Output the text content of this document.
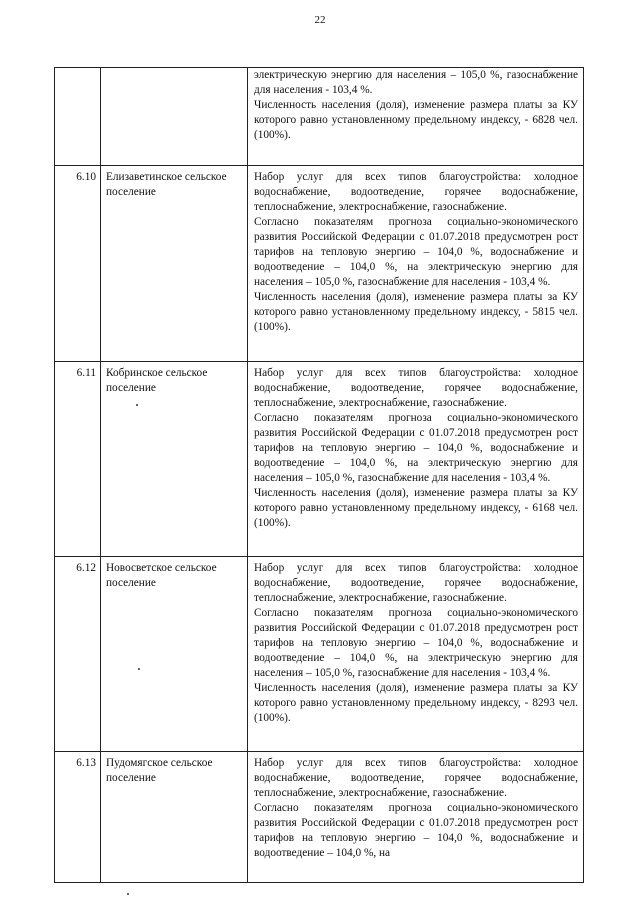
22

		электрическую энергию для населения – 105,0 %, газоснабжение для населения - 103,4 %.

Численность населения (доля), изменение размера платы за КУ которого равно установленному предельному индексу, - 6828 чел. (100%).

6.10	Елизаветинское сельское поселение	Набор услуг для всех типов благоустройства: холодное водоснабжение, водоотведение, горячее водоснабжение, теплоснабжение, электроснабжение, газоснабжение.

Согласно показателям прогноза социально-экономического развития Российской Федерации с 01.07.2018 предусмотрен рост тарифов на тепловую энергию – 104,0 %, водоснабжение и водоотведение – 104,0 %, на электрическую энергию для населения – 105,0 %, газоснабжение для населения - 103,4 %.

Численность населения (доля), изменение размера платы за КУ которого равно установленному предельному индексу, - 5815 чел. (100%).

6.11	Кобринское сельское поселение	Набор услуг для всех типов благоустройства: холодное водоснабжение, водоотведение, горячее водоснабжение, теплоснабжение, электроснабжение, газоснабжение.

Согласно показателям прогноза социально-экономического развития Российской Федерации с 01.07.2018 предусмотрен рост тарифов на тепловую энергию – 104,0 %, водоснабжение и водоотведение – 104,0 %, на электрическую энергию для населения – 105,0 %, газоснабжение для населения - 103,4 %.

Численность населения (доля), изменение размера платы за КУ которого равно установленному предельному индексу, - 6168 чел. (100%).

6.12	Новосветское сельское поселение	Набор услуг для всех типов благоустройства: холодное водоснабжение, водоотведение, горячее водоснабжение, теплоснабжение, электроснабжение, газоснабжение.

Согласно показателям прогноза социально-экономического развития Российской Федерации с 01.07.2018 предусмотрен рост тарифов на тепловую энергию – 104,0 %, водоснабжение и водоотведение – 104,0 %, на электрическую энергию для населения – 105,0 %, газоснабжение для населения - 103,4 %.

Численность населения (доля), изменение размера платы за КУ которого равно установленному предельному индексу, - 8293 чел. (100%).

6.13	Пудомягское сельское поселение	Набор услуг для всех типов благоустройства: холодное водоснабжение, водоотведение, горячее водоснабжение, теплоснабжение, электроснабжение, газоснабжение.

Согласно показателям прогноза социально-экономического развития Российской Федерации с 01.07.2018 предусмотрен рост тарифов на тепловую энергию – 104,0 %, водоснабжение и водоотведение – 104,0 %, на
